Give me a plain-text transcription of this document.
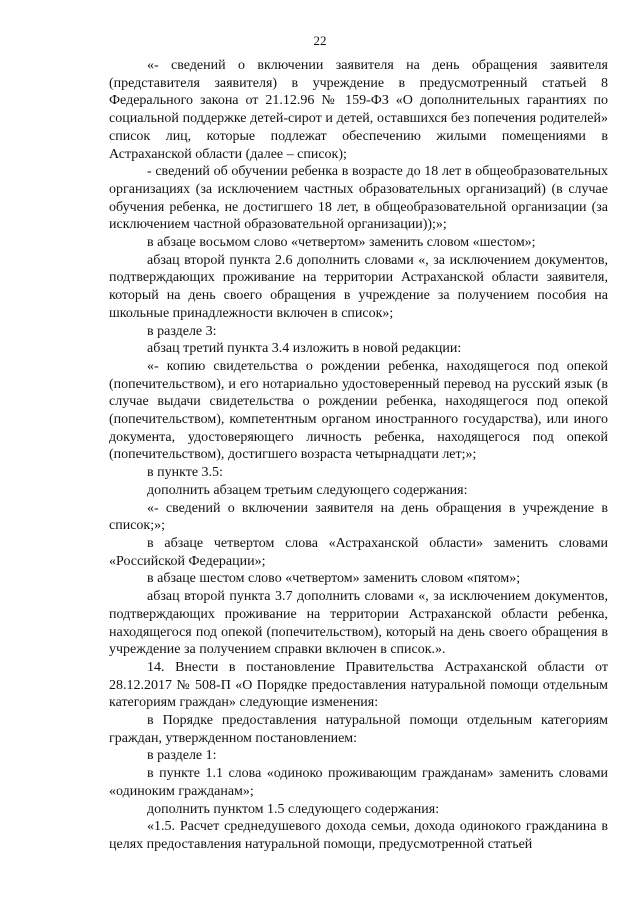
22

«- сведений о включении заявителя на день обращения заявителя (представителя заявителя) в учреждение в предусмотренный статьей 8 Федерального закона от 21.12.96 № 159-ФЗ «О дополнительных гарантиях по социальной поддержке детей-сирот и детей, оставшихся без попечения родителей» список лиц, которые подлежат обеспечению жилыми помещениями в Астраханской области (далее – список);

- сведений об обучении ребенка в возрасте до 18 лет в общеобразовательных организациях (за исключением частных образовательных организаций) (в случае обучения ребенка, не достигшего 18 лет, в общеобразовательной организации (за исключением частной образовательной организации));»;

в абзаце восьмом слово «четвертом» заменить словом «шестом»;

абзац второй пункта 2.6 дополнить словами «, за исключением документов, подтверждающих проживание на территории Астраханской области заявителя, который на день своего обращения в учреждение за получением пособия на школьные принадлежности включен в список»;

в разделе 3:

абзац третий пункта 3.4 изложить в новой редакции:

«- копию свидетельства о рождении ребенка, находящегося под опекой (попечительством), и его нотариально удостоверенный перевод на русский язык (в случае выдачи свидетельства о рождении ребенка, находящегося под опекой (попечительством), компетентным органом иностранного государства), или иного документа, удостоверяющего личность ребенка, находящегося под опекой (попечительством), достигшего возраста четырнадцати лет;»;

в пункте 3.5:

дополнить абзацем третьим следующего содержания:

«- сведений о включении заявителя на день обращения в учреждение в список;»;

в абзаце четвертом слова «Астраханской области» заменить словами «Российской Федерации»;

в абзаце шестом слово «четвертом» заменить словом «пятом»;

абзац второй пункта 3.7 дополнить словами «, за исключением документов, подтверждающих проживание на территории Астраханской области ребенка, находящегося под опекой (попечительством), который на день своего обращения в учреждение за получением справки включен в список.».

14. Внести в постановление Правительства Астраханской области от 28.12.2017 № 508-П «О Порядке предоставления натуральной помощи отдельным категориям граждан» следующие изменения:

в Порядке предоставления натуральной помощи отдельным категориям граждан, утвержденном постановлением:

в разделе 1:

в пункте 1.1 слова «одиноко проживающим гражданам» заменить словами «одиноким гражданам»;

дополнить пунктом 1.5 следующего содержания:

«1.5. Расчет среднедушевого дохода семьи, дохода одинокого гражданина в целях предоставления натуральной помощи, предусмотренной статьей
